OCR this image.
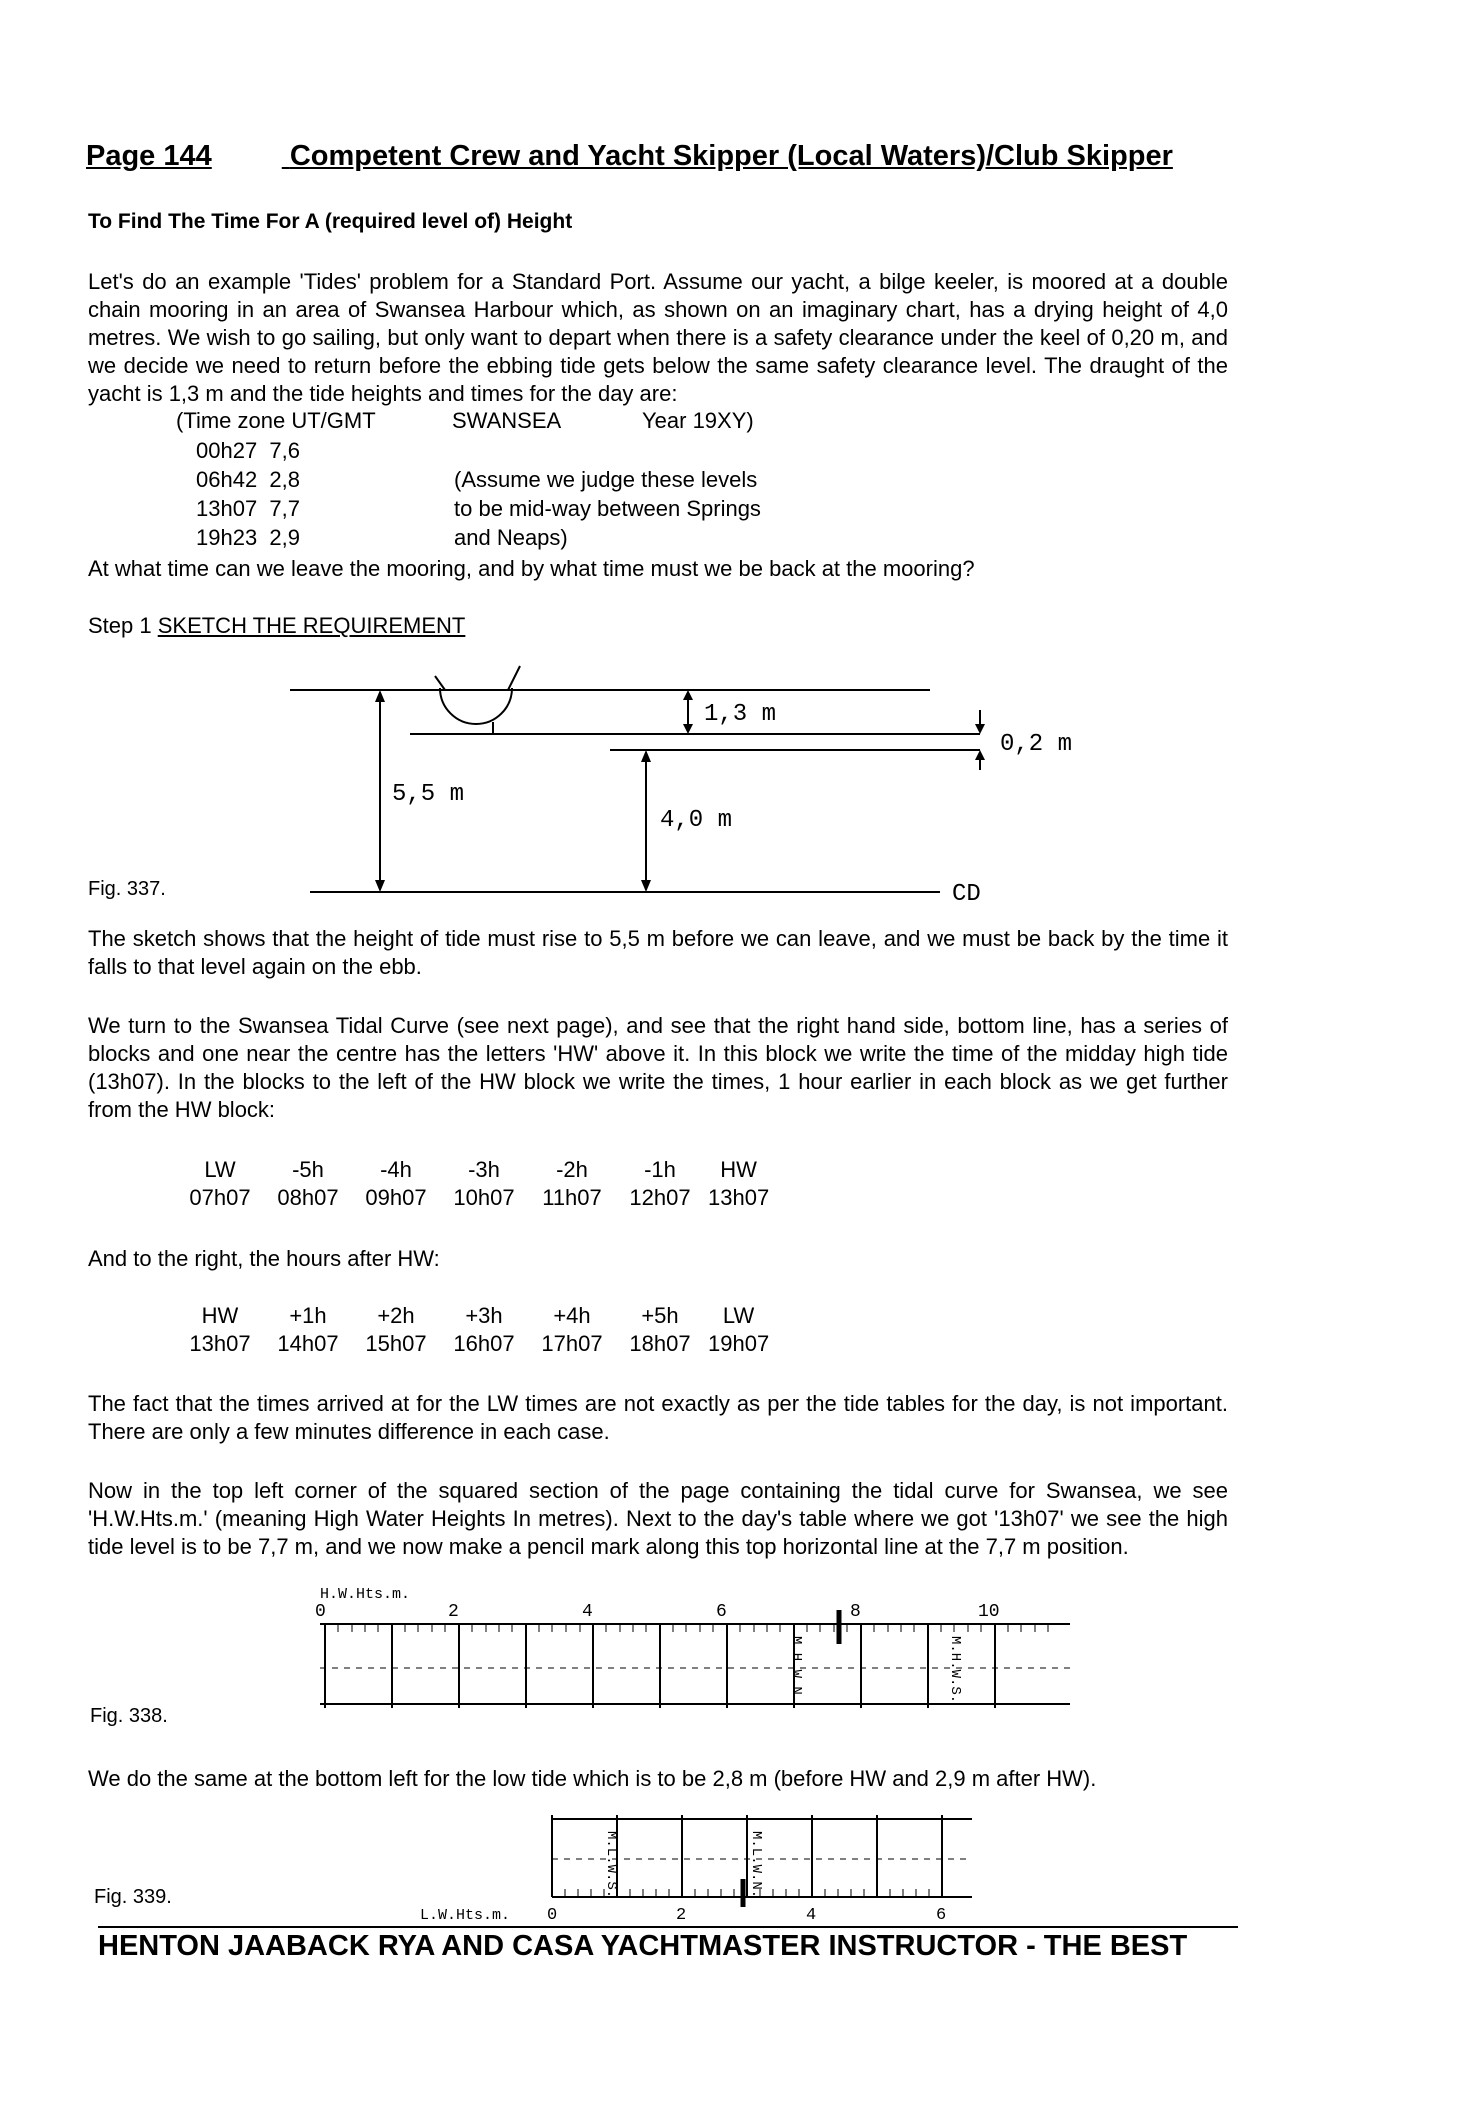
Page 144	Competent Crew and Yacht Skipper (Local Waters)/Club Skipper
To Find The Time For A (required level of) Height

Let's do an example 'Tides' problem for a Standard Port. Assume our yacht, a bilge keeler, is moored at a double chain mooring in an area of Swansea Harbour which, as shown on an imaginary chart, has a drying height of 4,0 metres. We wish to go sailing, but only want to depart when there is a safety clearance under the keel of 0,20 m, and we decide we need to return before the ebbing tide gets below the same safety clearance level. The draught of the yacht is 1,3 m and the tide heights and times for the day are:

(Time zone UT/GMT	SWANSEA	Year 19XY)
00h27 7,6
06h42 2,8
13h07 7,7
19h23 2,9
(Assume we judge these levels
to be mid-way between Springs
and Neaps)

At what time can we leave the mooring, and by what time must we be back at the mooring?

Step 1 SKETCH THE REQUIREMENT
Fig. 337.
1,3 m
0,2 m
5,5 m
4,0 m
CD

The sketch shows that the height of tide must rise to 5,5 m before we can leave, and we must be back by the time it falls to that level again on the ebb.

We turn to the Swansea Tidal Curve (see next page), and see that the right hand side, bottom line, has a series of blocks and one near the centre has the letters 'HW' above it. In this block we write the time of the midday high tide (13h07). In the blocks to the left of the HW block we write the times, 1 hour earlier in each block as we get further from the HW block:

LW	-5h	-4h	-3h	-2h	-1h	HW
07h07	08h07	09h07	10h07	11h07	12h07	13h07

And to the right, the hours after HW:

HW	+1h	+2h	+3h	+4h	+5h	LW
13h07	14h07	15h07	16h07	17h07	18h07	19h07

The fact that the times arrived at for the LW times are not exactly as per the tide tables for the day, is not important. There are only a few minutes difference in each case.

Now in the top left corner of the squared section of the page containing the tidal curve for Swansea, we see 'H.W.Hts.m.' (meaning High Water Heights In metres). Next to the day's table where we got '13h07' we see the high tide level is to be 7,7 m, and we now make a pencil mark along this top horizontal line at the 7,7 m position.

Fig. 338.
H.W.Hts.m.
0	2	4	6	8	10
M.H.W.N.	M.H.W.S.

We do the same at the bottom left for the low tide which is to be 2,8 m (before HW and 2,9 m after HW).

Fig. 339.	M.L.W.S.	M.L.W.N.
L.W.Hts.m. 0	2	4	6
HENTON JAABACK RYA AND CASA YACHTMASTER INSTRUCTOR - THE BEST
